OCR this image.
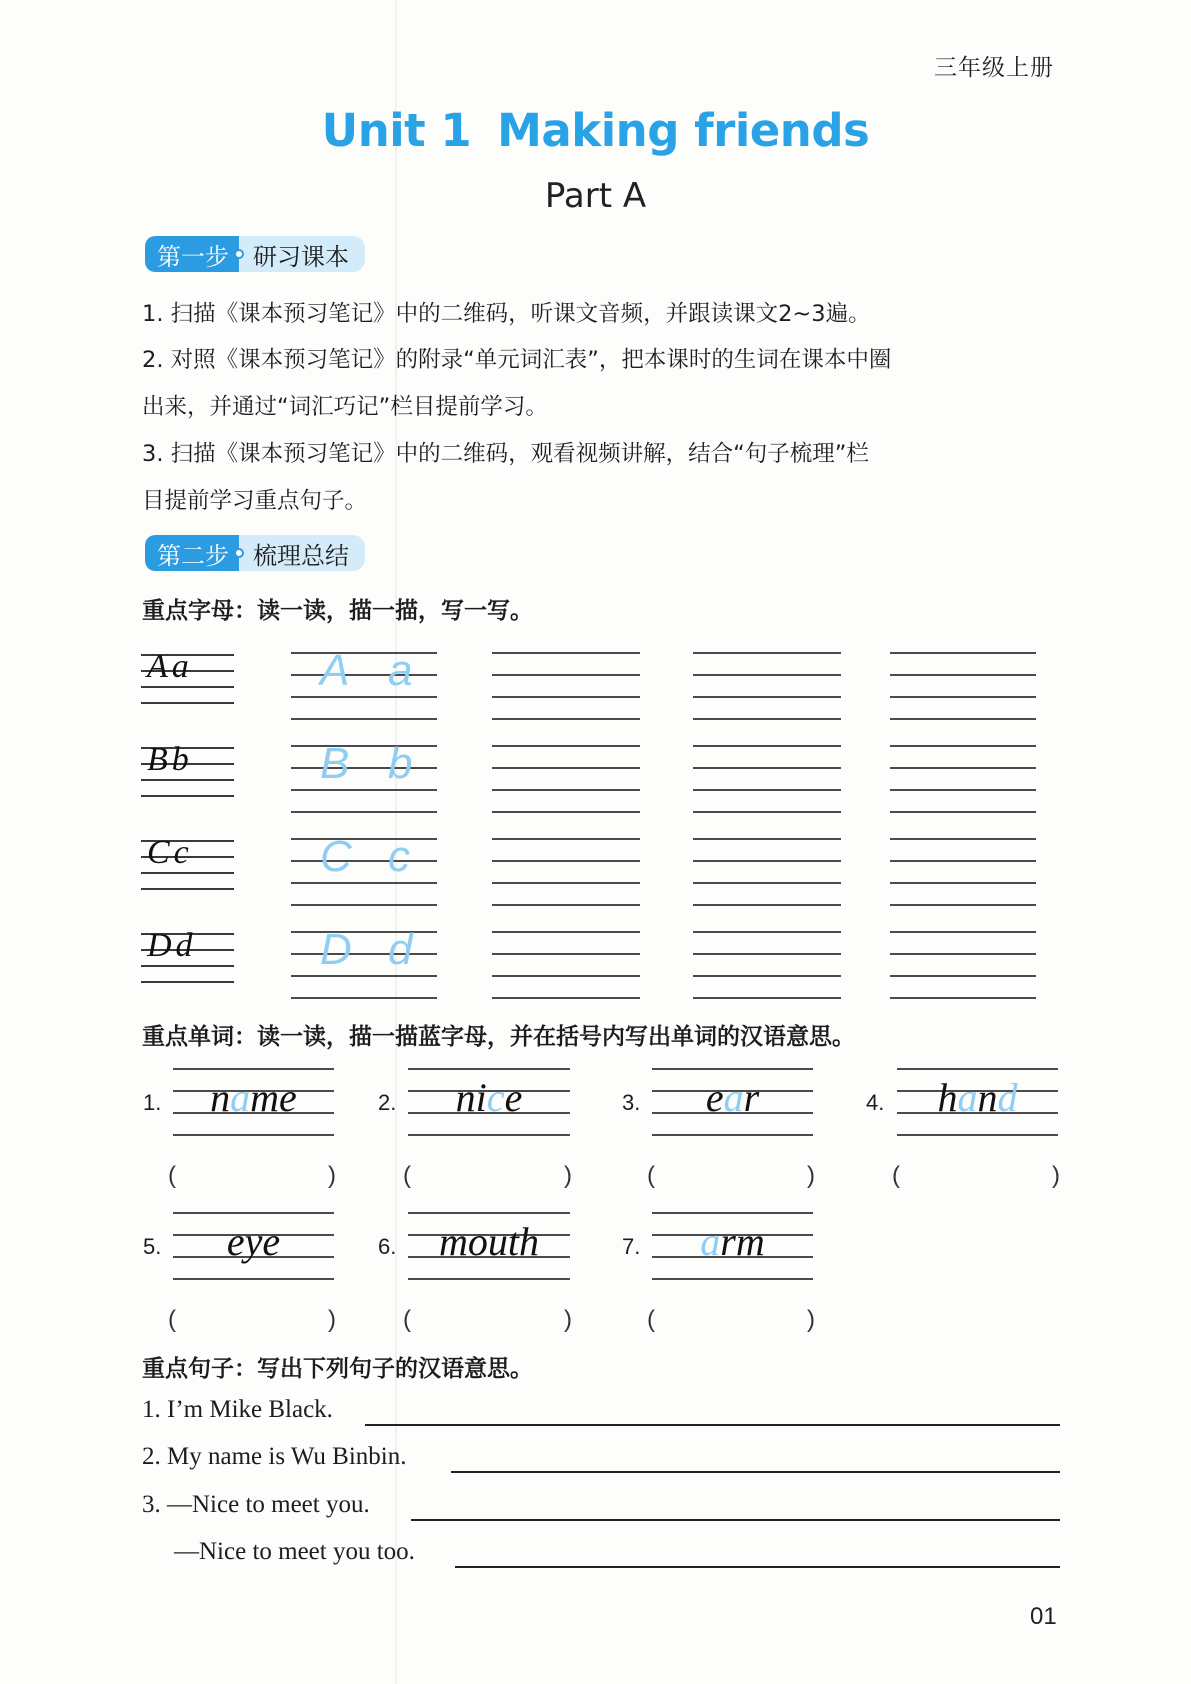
三年级上册
Unit 1 Making friends
Part A
第一步	研习课本
1. 扫描《课本预习笔记》中的二维码，听课文音频，并跟读课文2~3遍。
2. 对照《课本预习笔记》的附录“单元词汇表”，把本课时的生词在课本中圈
出来，并通过“词汇巧记”栏目提前学习。
3. 扫描《课本预习笔记》中的二维码，观看视频讲解，结合“句子梳理”栏
目提前学习重点句子。
第二步	梳理总结
重点字母：读一读，描一描，写一写。
Aa	A a
Bb	B b
Cc	C c
Dd	D d
重点单词：读一读，描一描蓝字母，并在括号内写出单词的汉语意思。
1.	name
(	)
2.	nice
(	)
3.	ear
(	)
4.	hand
(	)
5.	eye
(	)
6.	mouth
(	)
7.	arm
(	)
重点句子：写出下列句子的汉语意思。
1. I’m Mike Black.
2. My name is Wu Binbin.
3. —Nice to meet you.
—Nice to meet you too.
01
